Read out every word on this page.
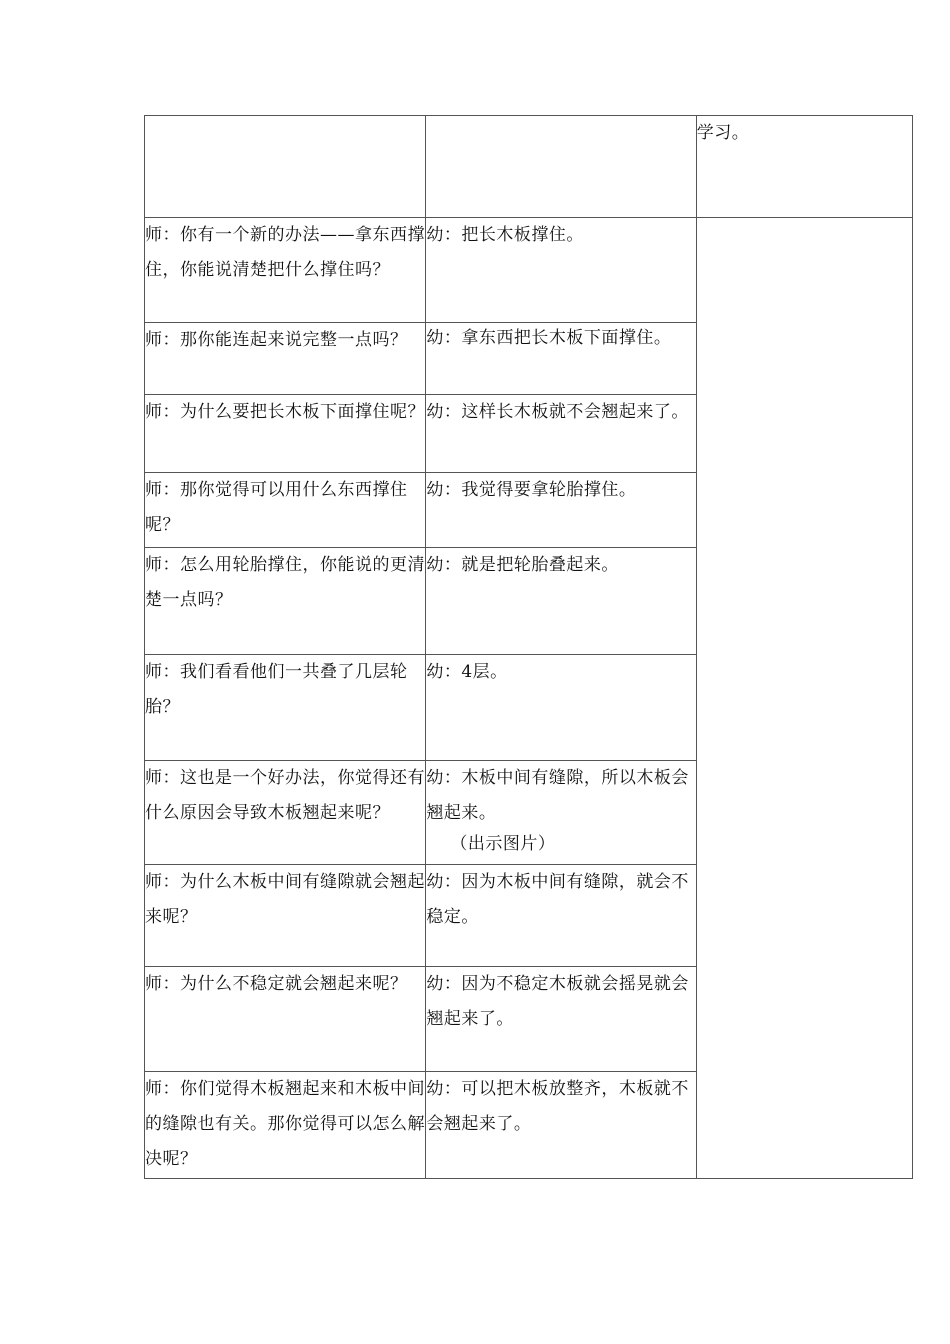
		学习。
师：你有一个新的办法——拿东西撑住，你能说清楚把什么撑住吗？	幼：把长木板撑住。	
师：那你能连起来说完整一点吗？	幼：拿东西把长木板下面撑住。	

师：为什么要把长木板下面撑住呢？	幼：这样长木板就不会翘起来了。	
师：那你觉得可以用什么东西撑住呢？	幼：我觉得要拿轮胎撑住。	
师：怎么用轮胎撑住，你能说的更清楚一点吗？	幼：就是把轮胎叠起来。	
师：我们看看他们一共叠了几层轮胎？	幼：4层。	
师：这也是一个好办法，你觉得还有什么原因会导致木板翘起来呢？	幼：木板中间有缝隙，所以木板会翘起来。
（出示图片）	

师：为什么木板中间有缝隙就会翘起来呢？	幼：因为木板中间有缝隙，就会不稳定。	
师：为什么不稳定就会翘起来呢？	幼：因为不稳定木板就会摇晃就会翘起来了。	
师：你们觉得木板翘起来和木板中间的缝隙也有关。那你觉得可以怎么解决呢？	幼：可以把木板放整齐，木板就不会翘起来了。	
